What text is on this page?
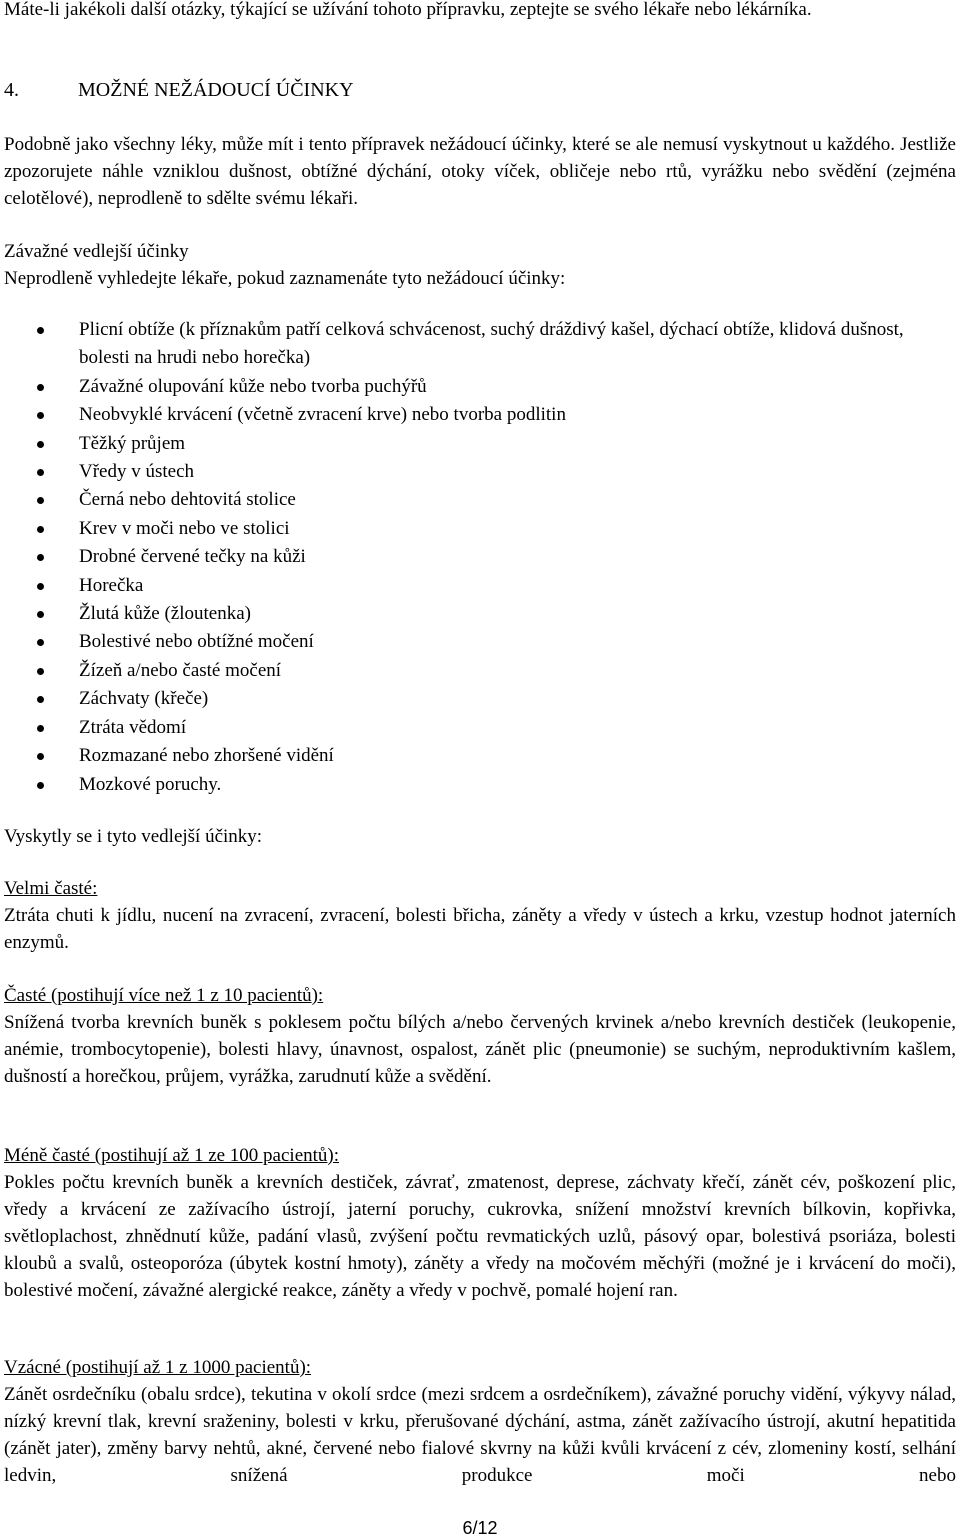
Máte-li jakékoli další otázky, týkající se užívání tohoto přípravku, zeptejte se svého lékaře nebo lékárníka.

4.	MOŽNÉ NEŽÁDOUCÍ ÚČINKY

Podobně jako všechny léky, může mít i tento přípravek nežádoucí účinky, které se ale nemusí vyskytnout u každého. Jestliže zpozorujete náhle vzniklou dušnost, obtížné dýchání, otoky víček, obličeje nebo rtů, vyrážku nebo svědění (zejména celotělové), neprodleně to sdělte svému lékaři.

Závažné vedlejší účinky

Neprodleně vyhledejte lékaře, pokud zaznamenáte tyto nežádoucí účinky:

Plicní obtíže (k příznakům patří celková schvácenost, suchý dráždivý kašel, dýchací obtíže, klidová dušnost, bolesti na hrudi nebo horečka)
Závažné olupování kůže nebo tvorba puchýřů
Neobvyklé krvácení (včetně zvracení krve) nebo tvorba podlitin
Těžký průjem
Vředy v ústech
Černá nebo dehtovitá stolice
Krev v moči nebo ve stolici
Drobné červené tečky na kůži
Horečka
Žlutá kůže (žloutenka)
Bolestivé nebo obtížné močení
Žízeň a/nebo časté močení
Záchvaty (křeče)
Ztráta vědomí
Rozmazané nebo zhoršené vidění
Mozkové poruchy.

Vyskytly se i tyto vedlejší účinky:

Velmi časté:

Ztráta chuti k jídlu, nucení na zvracení, zvracení, bolesti břicha, záněty a vředy v ústech a krku, vzestup hodnot jaterních enzymů.

Časté (postihují více než 1 z 10 pacientů):

Snížená tvorba krevních buněk s poklesem počtu bílých a/nebo červených krvinek a/nebo krevních destiček (leukopenie, anémie, trombocytopenie), bolesti hlavy, únavnost, ospalost, zánět plic (pneumonie) se suchým, neproduktivním kašlem, dušností a horečkou, průjem, vyrážka, zarudnutí kůže a svědění.

Méně časté (postihují až 1 ze 100 pacientů):

Pokles počtu krevních buněk a krevních destiček, závrať, zmatenost, deprese, záchvaty křečí, zánět cév, poškození plic, vředy a krvácení ze zažívacího ústrojí, jaterní poruchy, cukrovka, snížení množství krevních bílkovin, kopřivka, světloplachost, zhnědnutí kůže, padání vlasů, zvýšení počtu revmatických uzlů, pásový opar, bolestivá psoriáza, bolesti kloubů a svalů, osteoporóza (úbytek kostní hmoty), záněty a vředy na močovém měchýři (možné je i krvácení do moči), bolestivé močení, závažné alergické reakce, záněty a vředy v pochvě, pomalé hojení ran.

Vzácné (postihují až 1 z 1000 pacientů):

Zánět osrdečníku (obalu srdce), tekutina v okolí srdce (mezi srdcem a osrdečníkem), závažné poruchy vidění, výkyvy nálad, nízký krevní tlak, krevní sraženiny, bolesti v krku, přerušované dýchání, astma, zánět zažívacího ústrojí, akutní hepatitida (zánět jater), změny barvy nehtů, akné, červené nebo fialové skvrny na kůži kvůli krvácení z cév, zlomeniny kostí, selhání ledvin, snížená produkce moči nebo

6/12
